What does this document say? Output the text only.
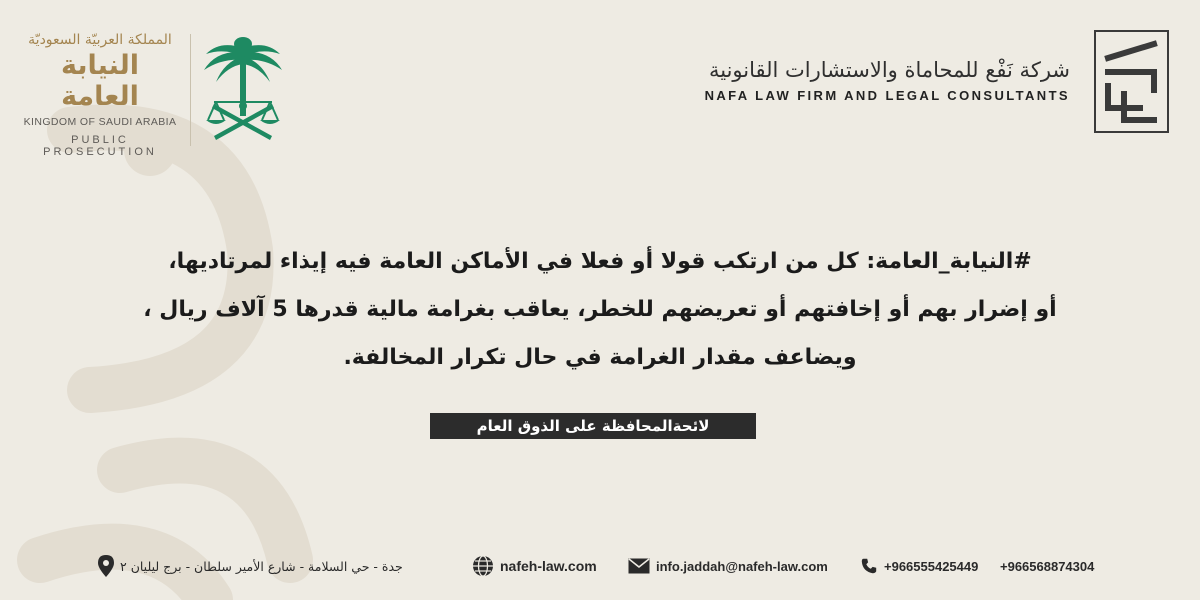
المملكة العربيّة السعوديّة
النيابة العامة
KINGDOM OF SAUDI ARABIA
PUBLIC PROSECUTION
شركة نَفْع للمحاماة والاستشارات القانونية
NAFA LAW FIRM AND LEGAL CONSULTANTS
#النيابة_العامة: كل من ارتكب قولا أو فعلا في الأماكن العامة فيه إيذاء لمرتاديها،
أو إضرار بهم أو إخافتهم أو تعريضهم للخطر، يعاقب بغرامة مالية قدرها 5 آلاف ريال ،
ويضاعف مقدار الغرامة في حال تكرار المخالفة.
لائحةالمحافظة على الذوق العام
+966568874304
+966555425449
info.jaddah@nafeh-law.com
nafeh-law.com
جدة - حي السلامة - شارع الأمير سلطان - برج ليليان ٢
